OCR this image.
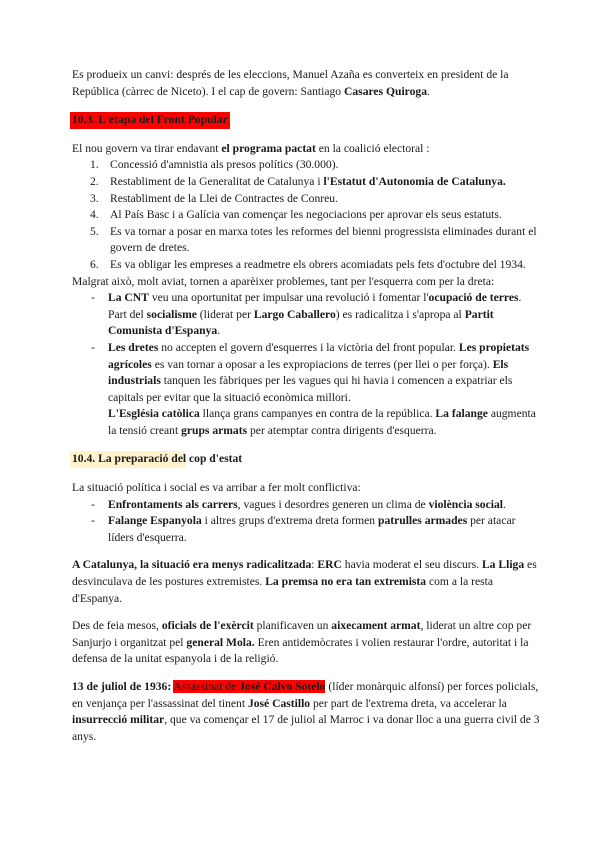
Es produeix un canvi: després de les eleccions, Manuel Azaña es converteix en president de la República (càrrec de Niceto). I el cap de govern: Santiago Casares Quiroga.

10.3. L'etapa del Front Popular

El nou govern va tirar endavant el programa pactat en la coalició electoral :

1. Concessió d'amnistia als presos polítics (30.000).
2. Restabliment de la Generalitat de Catalunya i l'Estatut d'Autonomia de Catalunya.
3. Restabliment de la Llei de Contractes de Conreu.
4. Al País Basc i a Galícia van començar les negociacions per aprovar els seus estatuts.
5. Es va tornar a posar en marxa totes les reformes del bienni progressista eliminades durant el govern de dretes.
6. Es va obligar les empreses a readmetre els obrers acomiadats pels fets d'octubre del 1934.

Malgrat això, molt aviat, tornen a aparèixer problemes, tant per l'esquerra com per la dreta:

- La CNT veu una oportunitat per impulsar una revolució i fomentar l'ocupació de terres. Part del socialisme (liderat per Largo Caballero) es radicalitza i s'apropa al Partit Comunista d'Espanya.
- Les dretes no accepten el govern d'esquerres i la victòria del front popular. Les propietats agrícoles es van tornar a oposar a les expropiacions de terres (per llei o per força). Els industrials tanquen les fàbriques per les vagues qui hi havia i comencen a expatriar els capitals per evitar que la situació econòmica millori.

L'Església catòlica llança grans campanyes en contra de la república. La falange augmenta la tensió creant grups armats per atemptar contra dirigents d'esquerra.

10.4. La preparació del cop d'estat

La situació política i social es va arribar a fer molt conflictiva:

- Enfrontaments als carrers, vagues i desordres generen un clima de violència social.
- Falange Espanyola i altres grups d'extrema dreta formen patrulles armades per atacar líders d'esquerra.

A Catalunya, la situació era menys radicalitzada: ERC havia moderat el seu discurs. La Lliga es desvinculava de les postures extremistes. La premsa no era tan extremista com a la resta d'Espanya.

Des de feia mesos, oficials de l'exèrcit planificaven un aixecament armat, liderat un altre cop per Sanjurjo i organitzat pel general Mola. Eren antidemòcrates i volien restaurar l'ordre, autoritat i la defensa de la unitat espanyola i de la religió.

13 de juliol de 1936: Assassinat de José Calvo Sotelo (líder monàrquic alfonsí) per forces policials, en venjança per l'assassinat del tinent José Castillo per part de l'extrema dreta, va accelerar la insurrecció militar, que va començar el 17 de juliol al Marroc i va donar lloc a una guerra civil de 3 anys.
